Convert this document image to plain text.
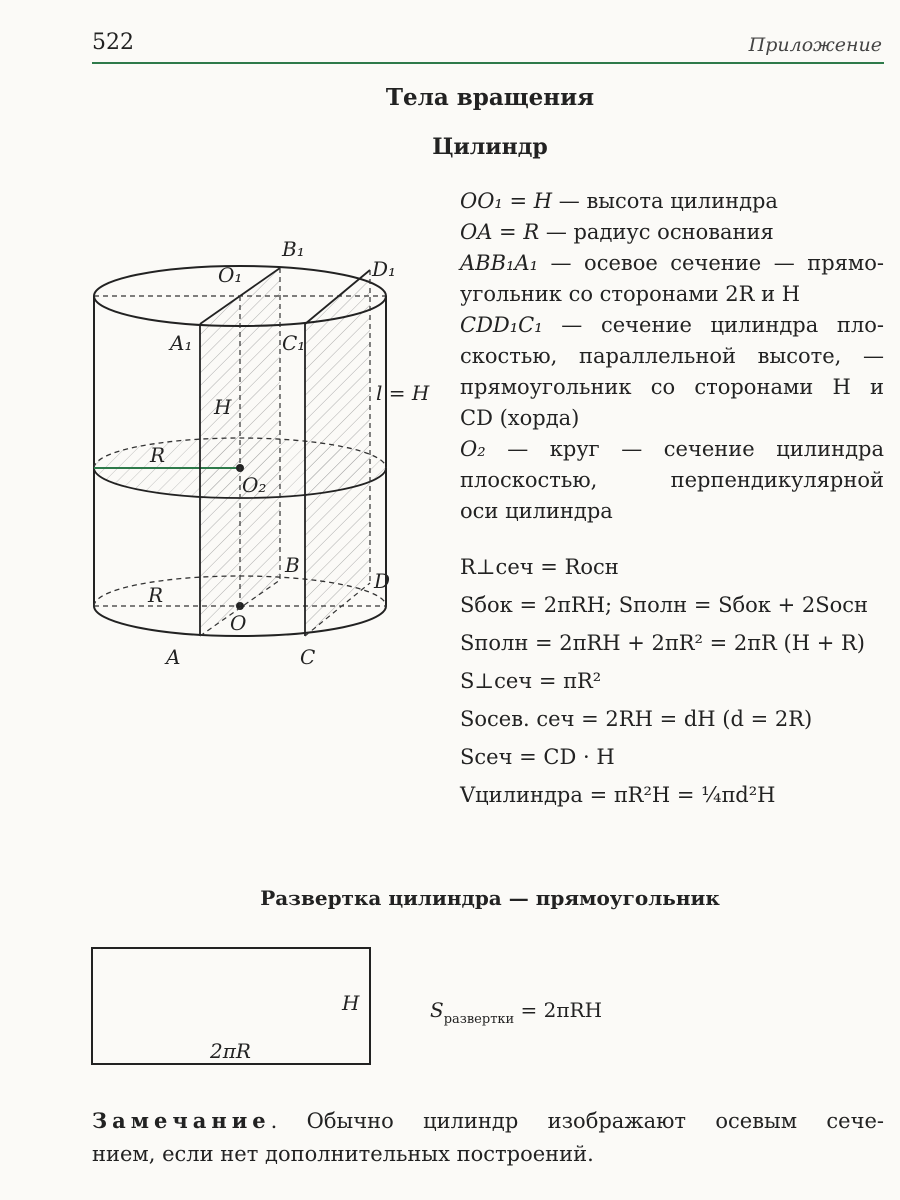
522	Приложение
Тела вращения
Цилиндр
B₁
O₁	D₁
A₁	C₁
H
l = H
R
O₂
B
D
R
O
A	C

OO₁ = H — высота цилиндра

OA = R — радиус основания

ABB₁A₁ — осевое сечение — прямо-

угольник со сторонами 2R и H

CDD₁C₁ — сечение цилиндра пло-

скостью, параллельной высоте, —

прямоугольник со сторонами H и

CD (хорда)

O₂ — круг — сечение цилиндра

плоскостью, перпендикулярной

оси цилиндра

R⊥сеч = Rосн
Sбок = 2πRH; Sполн = Sбок + 2Sосн
Sполн = 2πRH + 2πR² = 2πR (H + R)
S⊥сеч = πR²
Sосев. сеч = 2RH = dH (d = 2R)
Sсеч = CD · H
Vцилиндра = πR²H = ¼πd²H
Развертка цилиндра — прямоугольник
H
2πR
$S_{развертки} = 2\pi RH$
Замечание. Обычно цилиндр изображают осевым сече-
нием, если нет дополнительных построений.
